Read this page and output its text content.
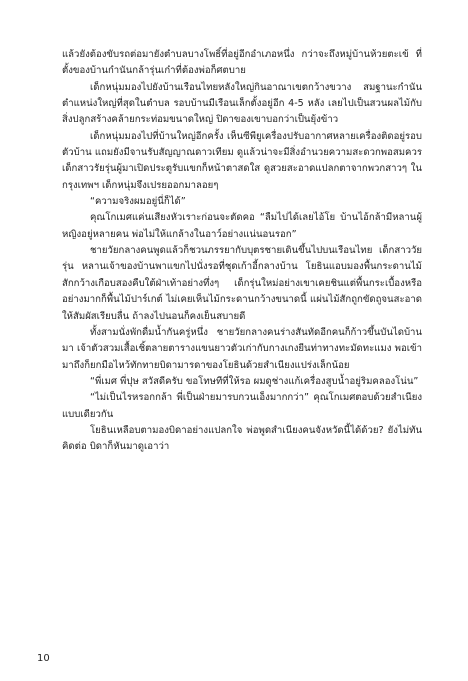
แล้วยังต้องขับรถต่อมายังตำบลบางโพธิ์ที่อยู่อีกอำเภอหนึ่ง กว่าจะถึงหมู่บ้านห้วยตะเข้ ที่ตั้งของบ้านกำนันกล้ารุ่นเก๋าที่ต้องพ่อก็ศตบาย

เด็กหนุ่มมองไปยังบ้านเรือนไทยหลังใหญ่กินอาณาเขตกว้างขวาง สมฐานะกำนันตำแหน่งใหญ่ที่สุดในตำบล รอบบ้านมีเรือนเล็กตั้งอยู่อีก 4-5 หลัง เลยไปเป็นสวนผลไม้กับสิ่งปลูกสร้างคล้ายกระท่อมขนาดใหญ่ ปิดาของเขาบอกว่าเป็นยุ้งข้าว

เด็กหนุ่มมองไปที่บ้านใหญ่อีกครั้ง เห็นซีพียูเครื่องปรับอากาศหลายเครื่องติดอยู่รอบตัวบ้าน แถมยังมีจานรับสัญญาณดาวเทียม ดูแล้วน่าจะมีสิ่งอำนวยความสะดวกพอสมควร เด็กสาวรัยรุ่นผู้มาเปิดประตูรับแขกก็หน้าตาสดใส ดูสวยสะอาดแปลกตาจากพวกสาวๆ ในกรุงเทพฯ เด็กหนุ่มจึงเปรยออกมาลอยๆ

“ความจริงผมอยู่นี่ก็ได้”

คุณโกเมศแค่นเสียงหัวเราะก่อนจะตัดคอ “ลืมไปได้เลยไอ้โย บ้านไอ้กล้ามีหลานผู้หญิงอยู่หลายคน พ่อไม่ให้แกล้างในอาว์อย่างแน่นอนรอก”

ชายวัยกลางคนพูดแล้วก็ชวนภรรยากับบุตรชายเดินขึ้นไปบนเรือนไทย เด็กสาววัยรุ่น หลานเจ้าของบ้านพาแขกไปนั่งรอที่ชุดเก้าอี้กลางบ้าน โยธินแอบมองพื้นกระดานไม้สักกว้างเกือบสองคืบใต้ฝ่าเท้าอย่างทึ่งๆ เด็กรุ่นใหม่อย่างเขาเคยชินแต่พื้นกระเบื้องหรืออย่างมากก็พื้นไม้ปาร์เกต์ ไม่เคยเห็นไม้กระดานกว้างขนาดนี้ แผ่นไม้สักถูกขัดถูจนสะอาดให้สัมผัสเรียบลื่น ถ้าลงไปนอนก็คงเย็นสบายดี

ทั้งสามนั่งพักดื่มน้ำกันครู่หนึ่ง ชายวัยกลางคนร่างสันทัดอีกคนก็ก้าวขึ้นบันไดบ้านมา เจ้าตัวสวมเสื้อเชิ้ตลายตารางแขนยาวตัวเก่ากับกางเกงยีนท่าทางทะมัดทะแมง พอเข้ามาถึงก็ยกมือไหว้ทักทายบิดามารดาของโยธินด้วยสำเนียงแปร่งเล็กน้อย

“พี่เมศ พี่ปุษ สวัสดีครับ ขอโทษทีที่ให้รอ ผมดูช่างแก้เครื่องสูบน้ำอยู่ริมคลองโน่น”

“ไม่เป็นไรหรอกกล้า พี่เป็นฝ่ายมารบกวนเอ็งมากกว่า” คุณโกเมศตอบด้วยสำเนียงแบบเดียวกัน

โยธินเหลือบตามองบิดาอย่างแปลกใจ พ่อพูดสำเนียงคนจังหวัดนี้ได้ด้วย? ยังไม่ทันคิดต่อ บิดาก็หันมาดูเอาว่า

10
